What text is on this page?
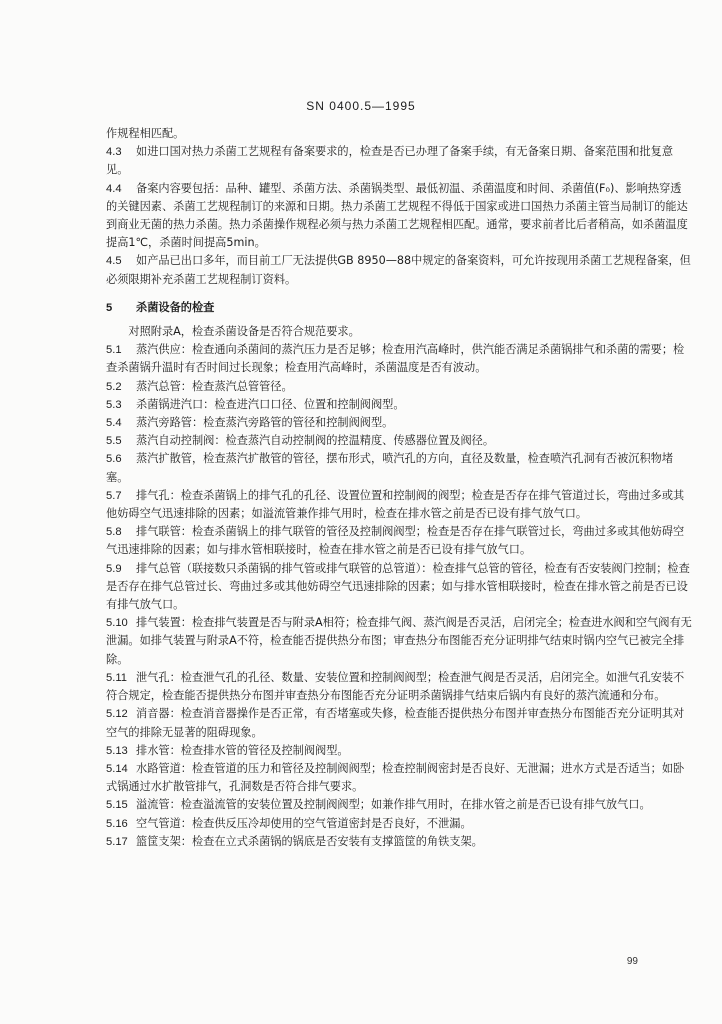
SN 0400.5—1995

作规程相匹配。

4.3 如进口国对热力杀菌工艺规程有备案要求的，检查是否已办理了备案手续，有无备案日期、备案范围和批复意见。

4.4 备案内容要包括：品种、罐型、杀菌方法、杀菌锅类型、最低初温、杀菌温度和时间、杀菌值(F₀)、影响热穿透的关键因素、杀菌工艺规程制订的来源和日期。热力杀菌工艺规程不得低于国家或进口国热力杀菌主管当局制订的能达到商业无菌的热力杀菌。热力杀菌操作规程必须与热力杀菌工艺规程相匹配。通常，要求前者比后者稍高，如杀菌温度提高1℃，杀菌时间提高5min。

4.5 如产品已出口多年，而目前工厂无法提供GB 8950—88中规定的备案资料，可允许按现用杀菌工艺规程备案，但必须限期补充杀菌工艺规程制订资料。

5 杀菌设备的检查

对照附录A，检查杀菌设备是否符合规范要求。

5.1 蒸汽供应：检查通向杀菌间的蒸汽压力是否足够；检查用汽高峰时，供汽能否满足杀菌锅排气和杀菌的需要；检查杀菌锅升温时有否时间过长现象；检查用汽高峰时，杀菌温度是否有波动。

5.2 蒸汽总管：检查蒸汽总管管径。

5.3 杀菌锅进汽口：检查进汽口口径、位置和控制阀阀型。

5.4 蒸汽旁路管：检查蒸汽旁路管的管径和控制阀阀型。

5.5 蒸汽自动控制阀：检查蒸汽自动控制阀的控温精度、传感器位置及阀径。

5.6 蒸汽扩散管，检查蒸汽扩散管的管径，摆布形式，喷汽孔的方向，直径及数量，检查喷汽孔洞有否被沉积物堵塞。

5.7 排气孔：检查杀菌锅上的排气孔的孔径、设置位置和控制阀的阀型；检查是否存在排气管道过长，弯曲过多或其他妨碍空气迅速排除的因素；如溢流管兼作排气用时，检查在排水管之前是否已设有排气放气口。

5.8 排气联管：检查杀菌锅上的排气联管的管径及控制阀阀型；检查是否存在排气联管过长，弯曲过多或其他妨碍空气迅速排除的因素；如与排水管相联接时，检查在排水管之前是否已设有排气放气口。

5.9 排气总管（联接数只杀菌锅的排气管或排气联管的总管道）：检查排气总管的管径，检查有否安装阀门控制；检查是否存在排气总管过长、弯曲过多或其他妨碍空气迅速排除的因素；如与排水管相联接时，检查在排水管之前是否已设有排气放气口。

5.10 排气装置：检查排气装置是否与附录A相符；检查排气阀、蒸汽阀是否灵活，启闭完全；检查进水阀和空气阀有无泄漏。如排气装置与附录A不符，检查能否提供热分布图；审查热分布图能否充分证明排气结束时锅内空气已被完全排除。

5.11 泄气孔：检查泄气孔的孔径、数量、安装位置和控制阀阀型；检查泄气阀是否灵活，启闭完全。如泄气孔安装不符合规定，检查能否提供热分布图并审查热分布图能否充分证明杀菌锅排气结束后锅内有良好的蒸汽流通和分布。

5.12 消音器：检查消音器操作是否正常，有否堵塞或失修，检查能否提供热分布图并审查热分布图能否充分证明其对空气的排除无显著的阻碍现象。

5.13 排水管：检查排水管的管径及控制阀阀型。

5.14 水路管道：检查管道的压力和管径及控制阀阀型；检查控制阀密封是否良好、无泄漏；进水方式是否适当；如卧式锅通过水扩散管排气，孔洞数是否符合排气要求。

5.15 溢流管：检查溢流管的安装位置及控制阀阀型；如兼作排气用时，在排水管之前是否已设有排气放气口。

5.16 空气管道：检查供反压冷却使用的空气管道密封是否良好，不泄漏。

5.17 篮筐支架：检查在立式杀菌锅的锅底是否安装有支撑篮筐的角铁支架。

99
